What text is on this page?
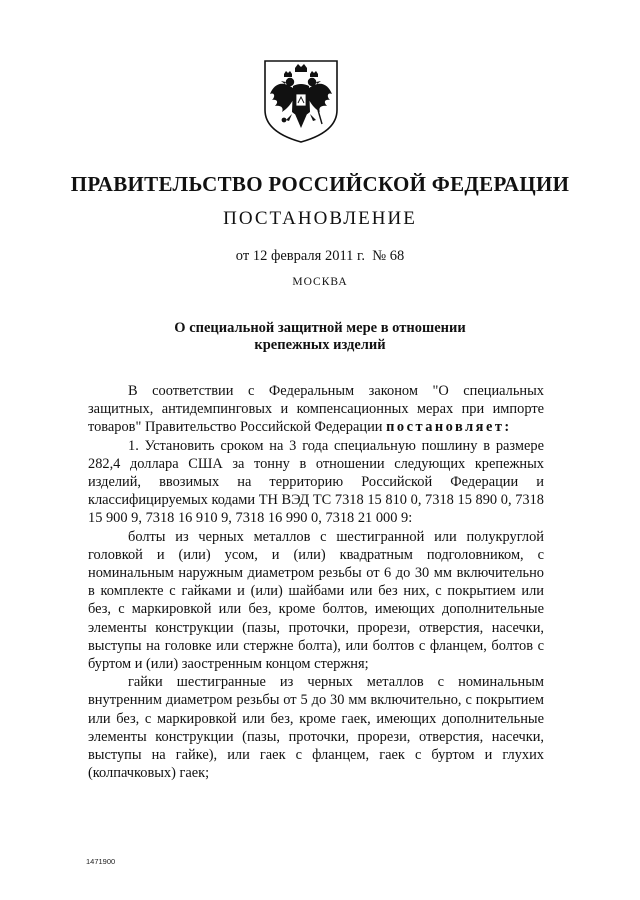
ПРАВИТЕЛЬСТВО РОССИЙСКОЙ ФЕДЕРАЦИИ
ПОСТАНОВЛЕНИЕ
от 12 февраля 2011 г.  № 68
МОСКВА
О специальной защитной мере в отношении
крепежных изделий

В соответствии с Федеральным законом "О специальных защитных, антидемпинговых и компенсационных мерах при импорте товаров" Правительство Российской Федерации постановляет:

1. Установить сроком на 3 года специальную пошлину в размере 282,4 доллара США за тонну в отношении следующих крепежных изделий, ввозимых на территорию Российской Федерации и классифицируемых кодами ТН ВЭД ТС 7318 15 810 0, 7318 15 890 0, 7318 15 900 9, 7318 16 910 9, 7318 16 990 0, 7318 21 000 9:

болты из черных металлов с шестигранной или полукруглой головкой и (или) усом, и (или) квадратным подголовником, с номинальным наружным диаметром резьбы от 6 до 30 мм включительно в комплекте с гайками и (или) шайбами или без них, с покрытием или без, с маркировкой или без, кроме болтов, имеющих дополнительные элементы конструкции (пазы, проточки, прорези, отверстия, насечки, выступы на головке или стержне болта), или болтов с фланцем, болтов с буртом и (или) заостренным концом стержня;

гайки шестигранные из черных металлов с номинальным внутренним диаметром резьбы от 5 до 30 мм включительно, с покрытием или без, с маркировкой или без, кроме гаек, имеющих дополнительные элементы конструкции (пазы, проточки, прорези, отверстия, насечки, выступы на гайке), или гаек с фланцем, гаек с буртом и глухих (колпачковых) гаек;

1471900
